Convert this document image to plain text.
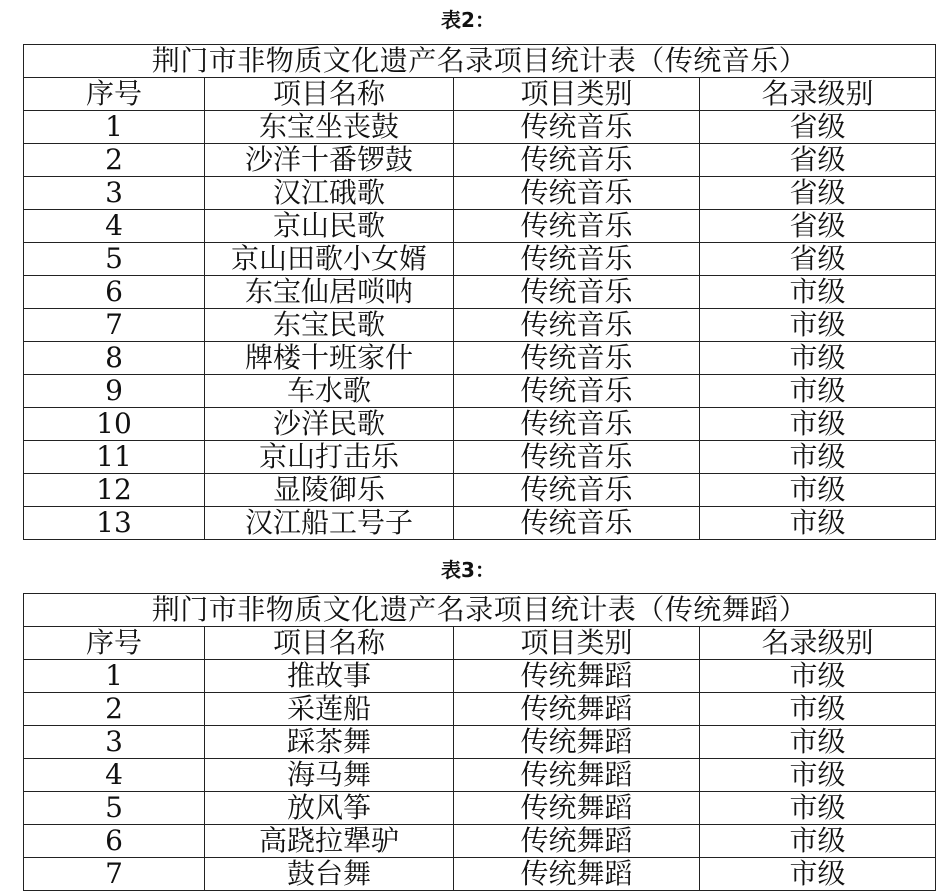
表2：
荆门市非物质文化遗产名录项目统计表（传统音乐）			
序号	项目名称	项目类别	名录级别
1	东宝坐丧鼓	传统音乐	省级
2	沙洋十番锣鼓	传统音乐	省级
3	汉江硪歌	传统音乐	省级
4	京山民歌	传统音乐	省级
5	京山田歌小女婿	传统音乐	省级
6	东宝仙居唢呐	传统音乐	市级
7	东宝民歌	传统音乐	市级
8	牌楼十班家什	传统音乐	市级
9	车水歌	传统音乐	市级
10	沙洋民歌	传统音乐	市级
11	京山打击乐	传统音乐	市级
12	显陵御乐	传统音乐	市级
13	汉江船工号子	传统音乐	市级
表3：
荆门市非物质文化遗产名录项目统计表（传统舞蹈）			
序号	项目名称	项目类别	名录级别
1	推故事	传统舞蹈	市级
2	采莲船	传统舞蹈	市级
3	踩茶舞	传统舞蹈	市级
4	海马舞	传统舞蹈	市级
5	放风筝	传统舞蹈	市级
6	高跷拉犟驴	传统舞蹈	市级
7	鼓台舞	传统舞蹈	市级
